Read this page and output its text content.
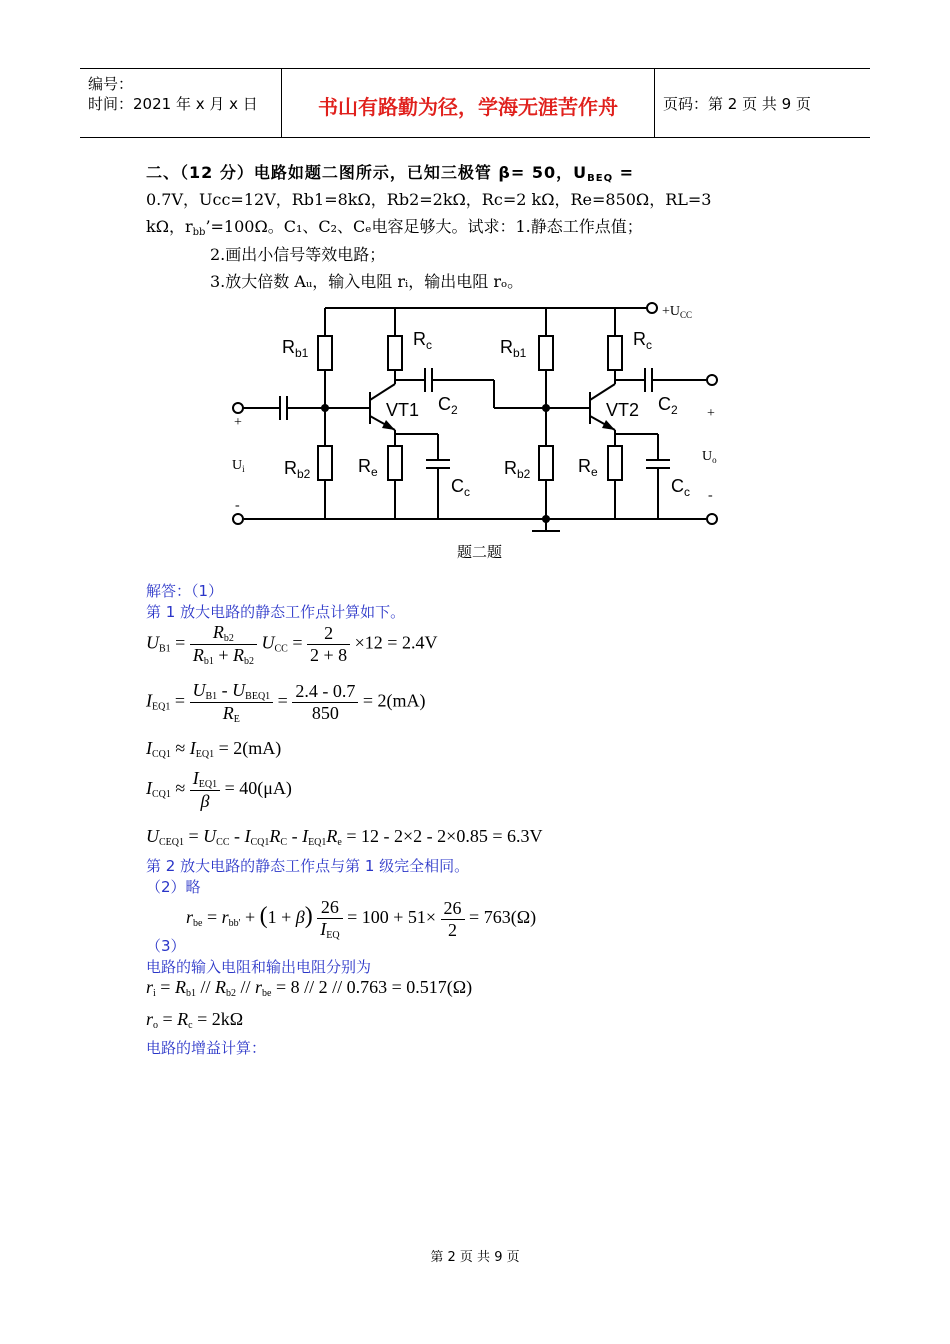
编号：
时间：2021 年 x 月 x 日	书山有路勤为径，学海无涯苦作舟	页码：第 2 页 共 9 页
二、（12 分）电路如题二图所示，已知三极管 β= 50，$U_{BEQ}$ =
0.7V，Ucc=12V，Rb1=8kΩ，Rb2=2kΩ，Rc=2 kΩ，Re=850Ω，RL=3
kΩ，$r_{bb}’=100\Omega$。C₁、C₂、Cₑ电容足够大。试求：1.静态工作点值；
2.画出小信号等效电路；
3.放大倍数 Aᵤ，输入电阻 rᵢ，输出电阻 rₒ。
$+U_{CC}$
$R_{b1}$
$R_c$
$C_2$
VT1
$R_{b2}$	$R_e$
$C_c$
$R_{b1}$
$R_c$
$C_2$
VT2
$R_{b2}$	$R_e$
$C_c$
+
$U_i$
-
+
$U_o$
-
题二题
解答：（1）
第 1 放大电路的静态工作点计算如下。
$U_{B1} = \frac{R_{b2}}{R_{b1} + R_{b2}} U_{CC} = \frac{2}{2 + 8} \times 12 = 2.4V$
$I_{EQ1} = \frac{U_{B1} - U_{BEQ1}}{R_E} = \frac{2.4 - 0.7}{850} = 2(mA)$
$I_{CQ1} \approx I_{EQ1} = 2(mA)$
$I_{CQ1} \approx \frac{I_{EQ1}}{\beta} = 40(\mu A)$
$U_{CEQ1} = U_{CC} - I_{CQ1}R_C - I_{EQ1}R_e = 12 - 2\times 2 - 2\times 0.85 = 6.3V$
第 2 放大电路的静态工作点与第 1 级完全相同。
（2）略
$r_{be} = r_{bb'} + (1 + \beta) \frac{26}{I_{EQ}} = 100 + 51\times \frac{26}{2} = 763(\Omega)$
（3）
电路的输入电阻和输出电阻分别为
$r_i = R_{b1} // R_{b2} // r_{be} = 8 // 2 // 0.763 = 0.517(\Omega)$
$r_o = R_c = 2k\Omega$
电路的增益计算：
第 2 页 共 9 页
